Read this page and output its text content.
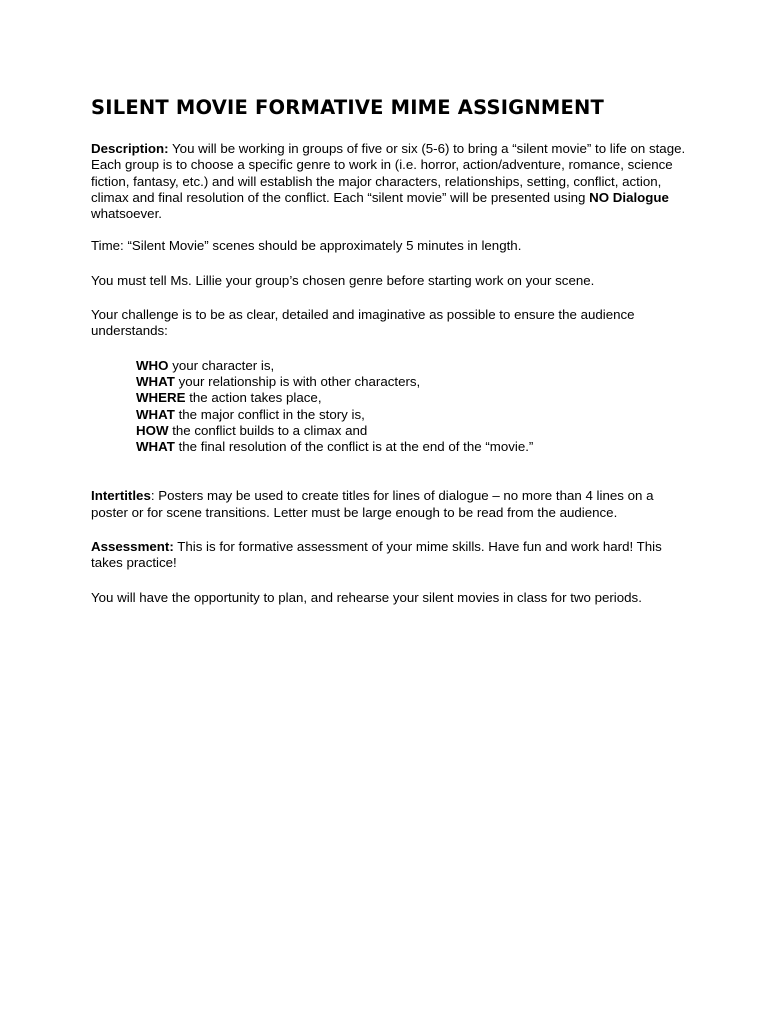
SILENT MOVIE FORMATIVE MIME ASSIGNMENT

Description: You will be working in groups of five or six (5-6) to bring a “silent movie” to life on stage. Each group is to choose a specific genre to work in (i.e. horror, action/adventure, romance, science fiction, fantasy, etc.) and will establish the major characters, relationships, setting, conflict, action, climax and final resolution of the conflict. Each “silent movie” will be presented using NO Dialogue whatsoever.

Time: “Silent Movie” scenes should be approximately 5 minutes in length.

You must tell Ms. Lillie your group’s chosen genre before starting work on your scene.

Your challenge is to be as clear, detailed and imaginative as possible to ensure the audience understands:

WHO your character is,
WHAT your relationship is with other characters,
WHERE the action takes place,
WHAT the major conflict in the story is,
HOW the conflict builds to a climax and
WHAT the final resolution of the conflict is at the end of the “movie.”

Intertitles: Posters may be used to create titles for lines of dialogue – no more than 4 lines on a poster or for scene transitions. Letter must be large enough to be read from the audience.

Assessment: This is for formative assessment of your mime skills. Have fun and work hard! This takes practice!

You will have the opportunity to plan, and rehearse your silent movies in class for two periods.
